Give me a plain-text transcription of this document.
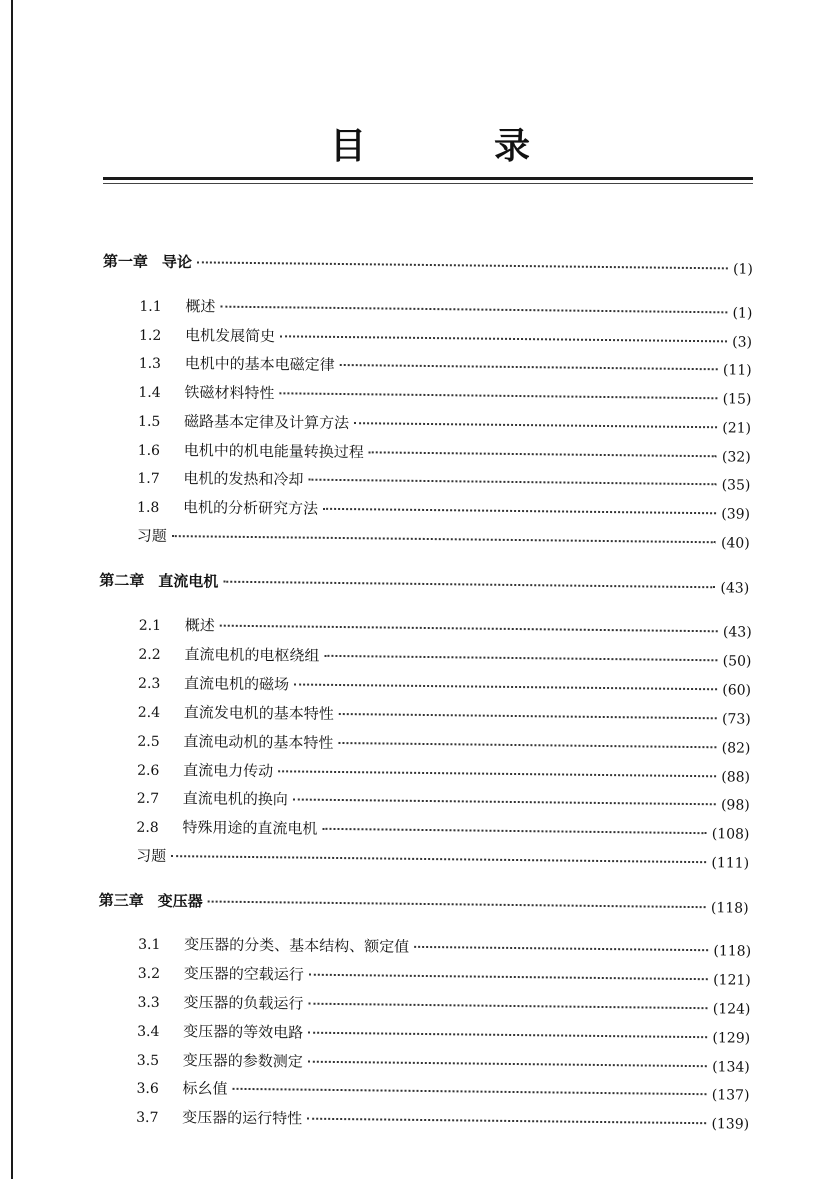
目	录
第一章 导论	(1)
1.1	概述	(1)
1.2	电机发展简史	(3)
1.3	电机中的基本电磁定律	(11)
1.4	铁磁材料特性	(15)
1.5	磁路基本定律及计算方法	(21)
1.6	电机中的机电能量转换过程	(32)
1.7	电机的发热和冷却	(35)
1.8	电机的分析研究方法	(39)
习题	(40)
第二章 直流电机	(43)
2.1	概述	(43)
2.2	直流电机的电枢绕组	(50)
2.3	直流电机的磁场	(60)
2.4	直流发电机的基本特性	(73)
2.5	直流电动机的基本特性	(82)
2.6	直流电力传动	(88)
2.7	直流电机的换向	(98)
2.8	特殊用途的直流电机	(108)
习题	(111)
第三章 变压器	(118)
3.1	变压器的分类、基本结构、额定值	(118)
3.2	变压器的空载运行	(121)
3.3	变压器的负载运行	(124)
3.4	变压器的等效电路	(129)
3.5	变压器的参数测定	(134)
3.6	标幺值	(137)
3.7	变压器的运行特性	(139)
